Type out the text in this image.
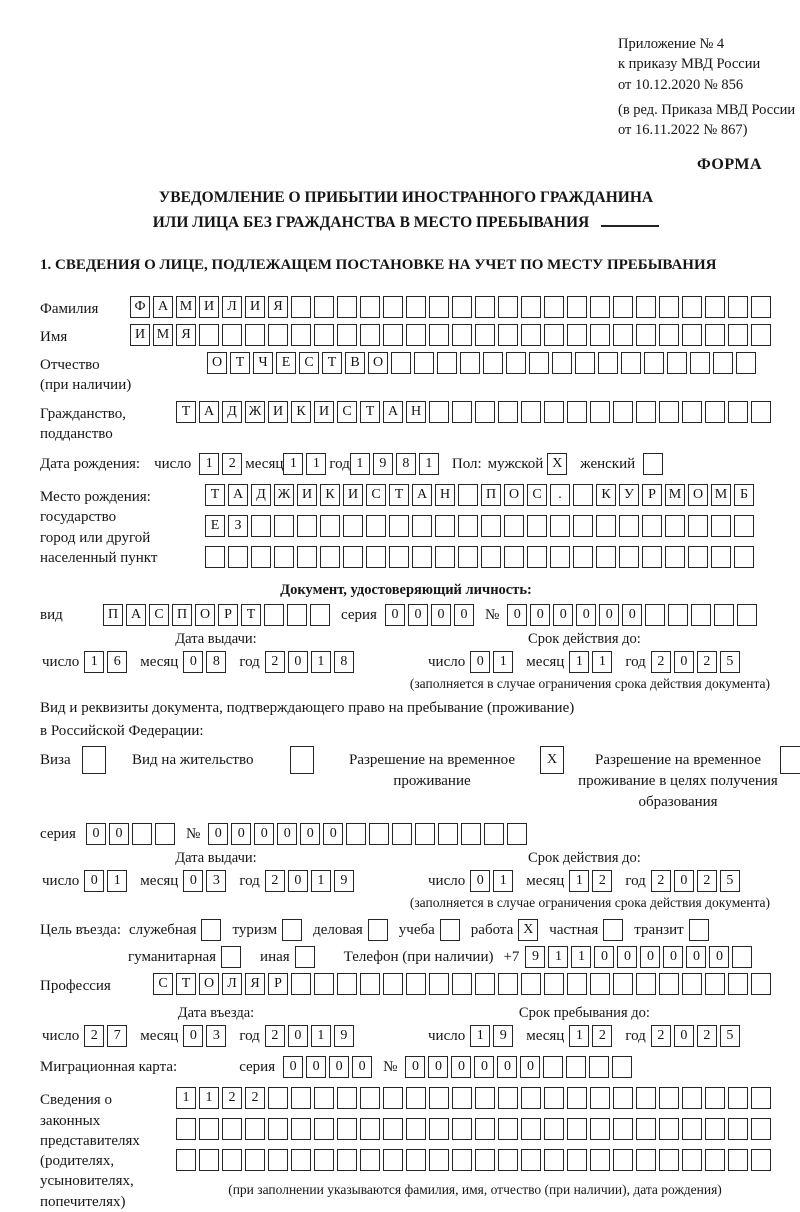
Приложение № 4
к приказу МВД России
от 10.12.2020 № 856
(в ред. Приказа МВД России
от 16.11.2022 № 867)
ФОРМА
УВЕДОМЛЕНИЕ О ПРИБЫТИИ ИНОСТРАННОГО ГРАЖДАНИНА
ИЛИ ЛИЦА БЕЗ ГРАЖДАНСТВА В МЕСТО ПРЕБЫВАНИЯ
1. СВЕДЕНИЯ О ЛИЦЕ, ПОДЛЕЖАЩЕМ ПОСТАНОВКЕ НА УЧЕТ ПО МЕСТУ ПРЕБЫВАНИЯ
Фамилия	Ф А М И Л И Я
Имя	И М Я
Отчество
(при наличии)
О Т	Ч	Е	С	Т	В О
Гражданство,
подданство
Т А Д Ж И К И С	Т А Н
Дата рождения: число	1	2 месяц 1	1 год 1	9	8	1	Пол: мужской X	женский
Место рождения:
государство
город или другой
населенный пункт
Т А Д Ж И К И С	Т А Н	П О С	.	К У	Р М О М Б
Е	З
Документ, удостоверяющий личность:
вид	П А С П О	Р	Т	серия	0	0	0	0	№	0	0	0	0	0	0
Дата выдачи:
число 1	6	месяц 0	8	год 2	0	1	8
Срок действия до:
число 0	1	месяц 1	1	год 2	0	2	5
(заполняется в случае ограничения срока действия документа)
Вид и реквизиты документа, подтверждающего право на пребывание (проживание)
в Российской Федерации:
Виза	Вид на жительство	Разрешение на временное проживание
X	Разрешение на временное проживание в целях получения образования
серия	0	0	№	0	0	0	0	0	0
Дата выдачи:
число 0	1	месяц 0	3	год 2	0	1	9
Срок действия до:
число 0	1	месяц 1	2	год 2	0	2	5
(заполняется в случае ограничения срока действия документа)
Цель въезда: служебная	туризм	деловая	учеба	работа X	частная	транзит
гуманитарная	иная	Телефон (при наличии) +7 9	1	1	0	0	0	0	0	0
Профессия	С	Т О Л Я	Р
Дата въезда:
число 2	7	месяц 0	3	год 2	0	1	9
Срок пребывания до:
число 1	9	месяц 1	2	год 2	0	2	5
Миграционная карта:	серия	0	0	0	0	№	0	0	0	0	0	0
Сведения о
законных
представителях
(родителях,
усыновителях,
попечителях)
1	1	2	2
(при заполнении указываются фамилия, имя, отчество (при наличии), дата рождения)
